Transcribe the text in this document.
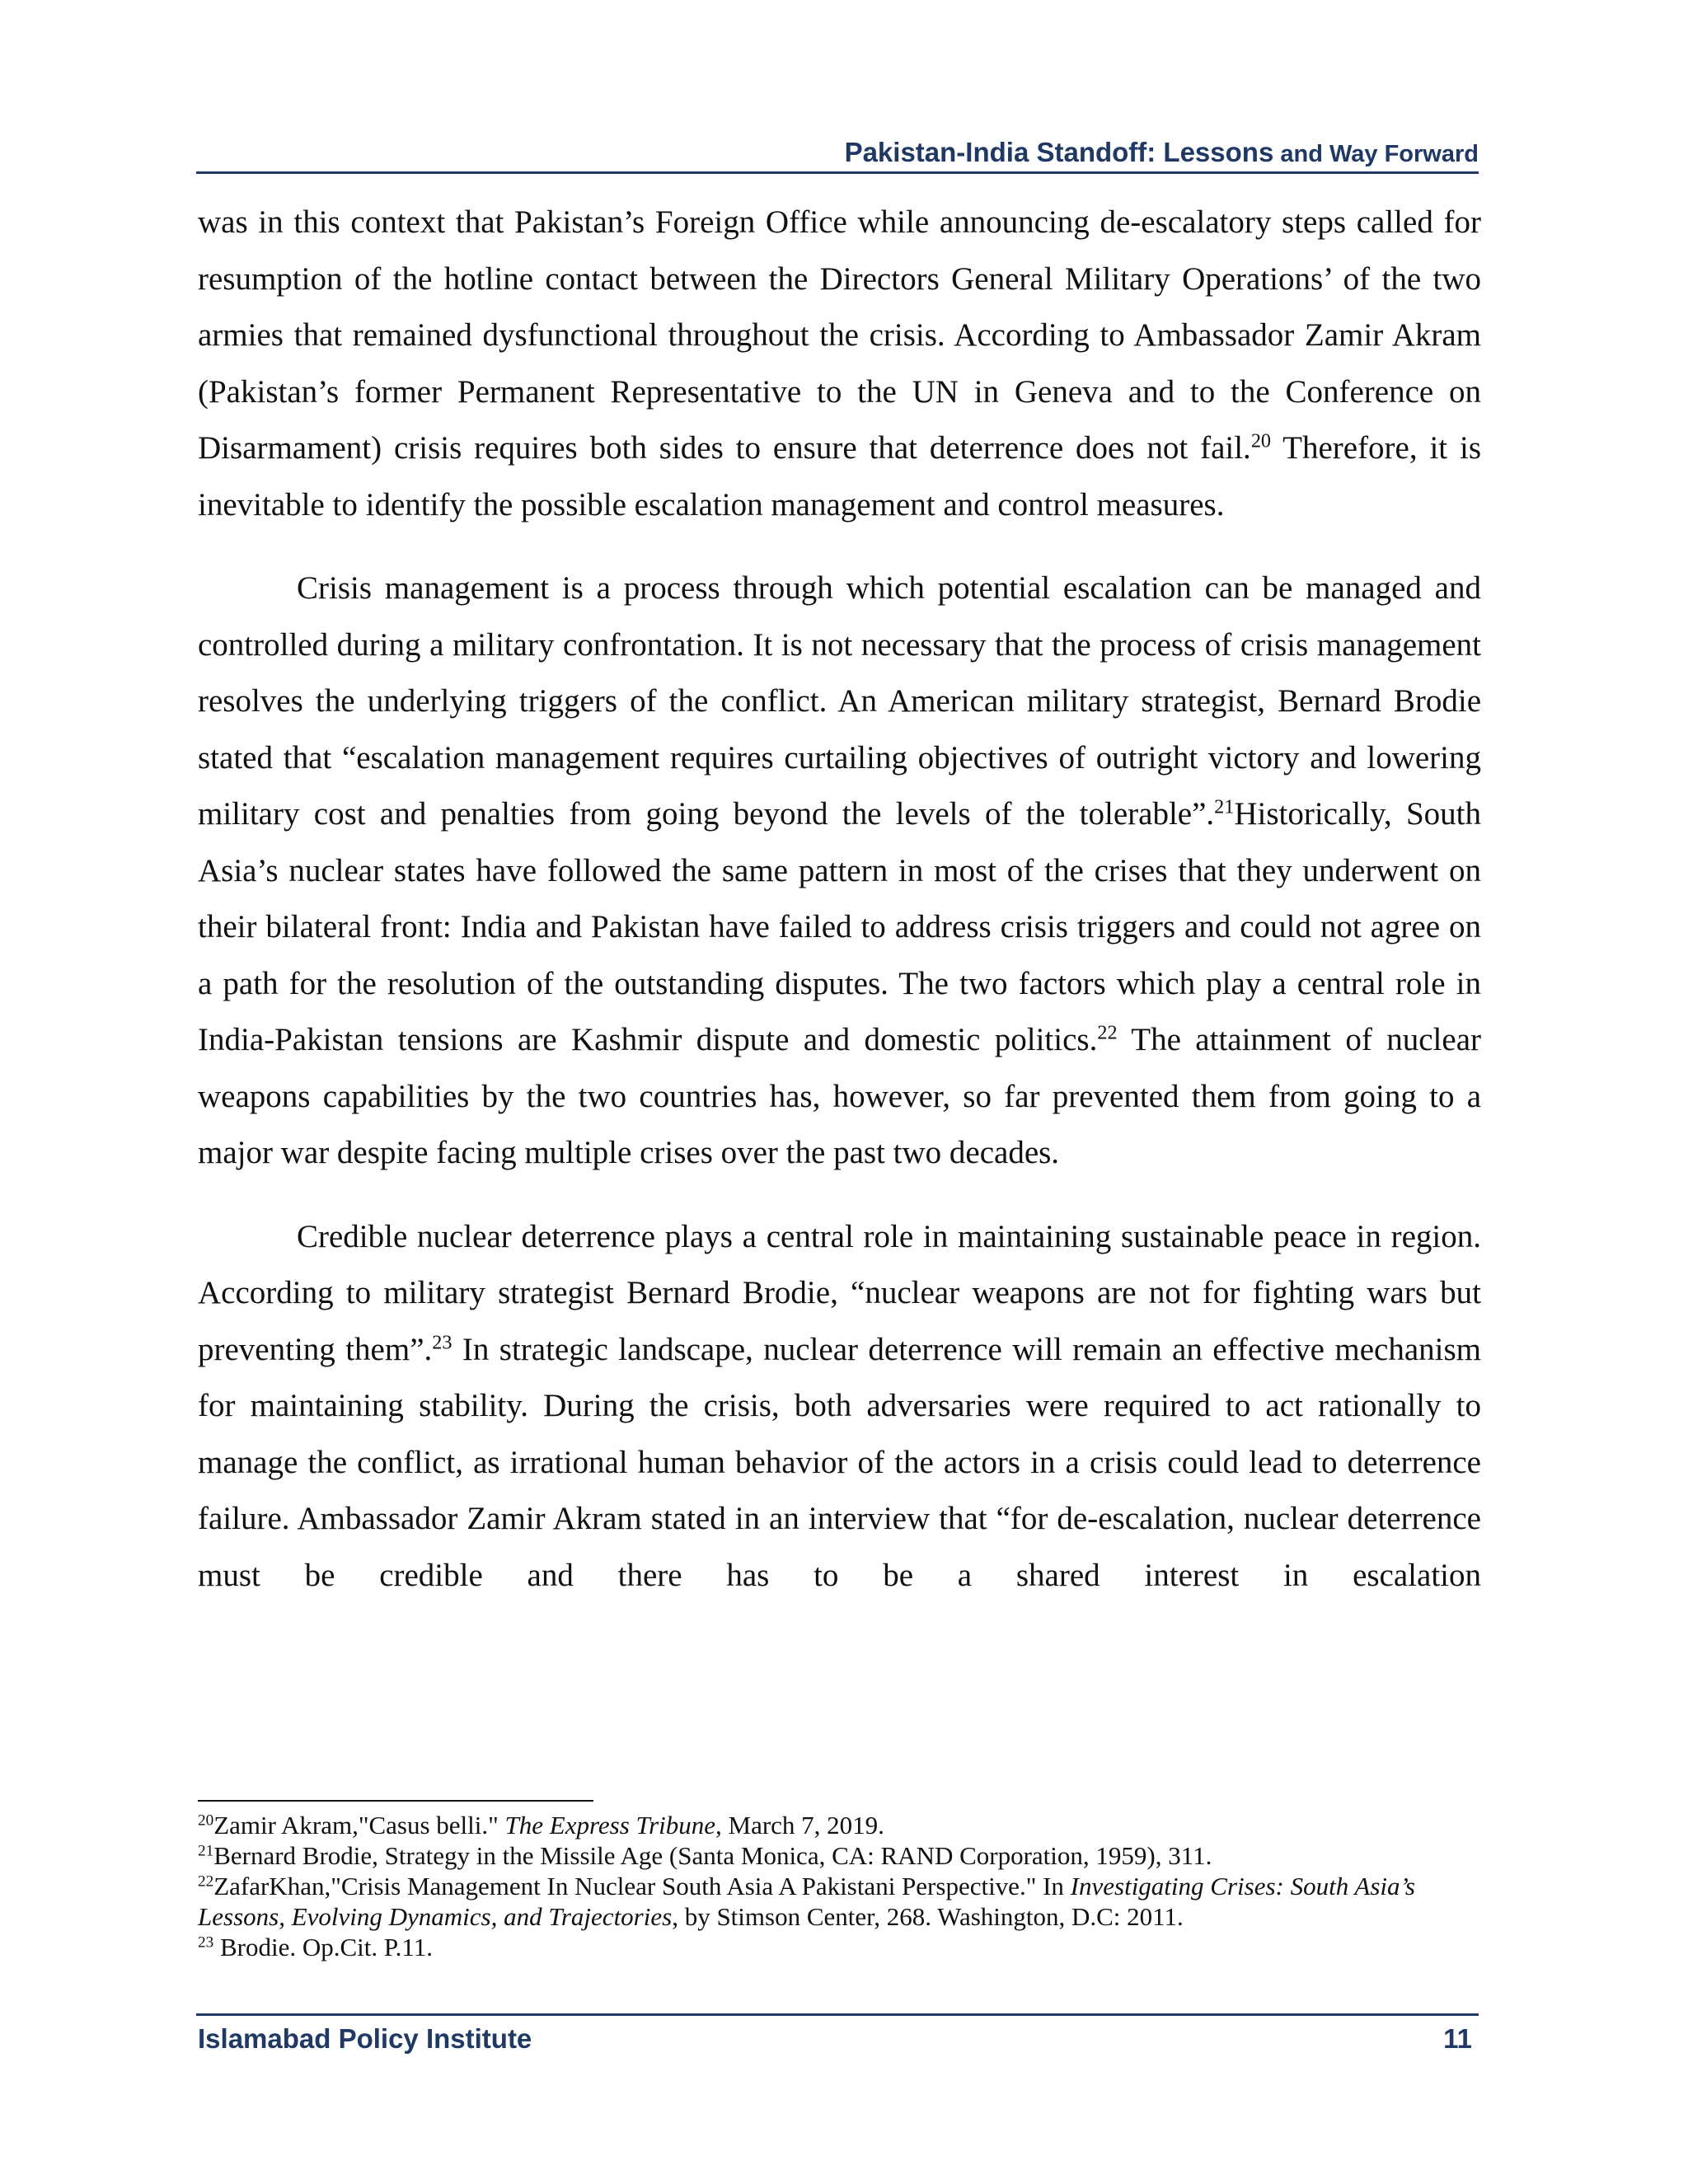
Pakistan-India Standoff: Lessons and Way Forward

was in this context that Pakistan’s Foreign Office while announcing de-escalatory steps called for resumption of the hotline contact between the Directors General Military Operations’ of the two armies that remained dysfunctional throughout the crisis. According to Ambassador Zamir Akram (Pakistan’s former Permanent Representative to the UN in Geneva and to the Conference on Disarmament) crisis requires both sides to ensure that deterrence does not fail.$^{20}$ Therefore, it is inevitable to identify the possible escalation management and control measures.

Crisis management is a process through which potential escalation can be managed and controlled during a military confrontation. It is not necessary that the process of crisis management resolves the underlying triggers of the conflict. An American military strategist, Bernard Brodie stated that “escalation management requires curtailing objectives of outright victory and lowering military cost and penalties from going beyond the levels of the tolerable”.$^{21}$Historically, South Asia’s nuclear states have followed the same pattern in most of the crises that they underwent on their bilateral front: India and Pakistan have failed to address crisis triggers and could not agree on a path for the resolution of the outstanding disputes. The two factors which play a central role in India-Pakistan tensions are Kashmir dispute and domestic politics.$^{22}$ The attainment of nuclear weapons capabilities by the two countries has, however, so far prevented them from going to a major war despite facing multiple crises over the past two decades.

Credible nuclear deterrence plays a central role in maintaining sustainable peace in region. According to military strategist Bernard Brodie, “nuclear weapons are not for fighting wars but preventing them”.$^{23}$ In strategic landscape, nuclear deterrence will remain an effective mechanism for maintaining stability. During the crisis, both adversaries were required to act rationally to manage the conflict, as irrational human behavior of the actors in a crisis could lead to deterrence failure. Ambassador Zamir Akram stated in an interview that “for de-escalation, nuclear deterrence must be credible and there has to be a shared interest in escalation

$^{20}$Zamir Akram,"Casus belli." The Express Tribune, March 7, 2019.
$^{21}$Bernard Brodie, Strategy in the Missile Age (Santa Monica, CA: RAND Corporation, 1959), 311.
$^{22}$ZafarKhan,"Crisis Management In Nuclear South Asia A Pakistani Perspective." In Investigating Crises: South Asia’s Lessons, Evolving Dynamics, and Trajectories, by Stimson Center, 268. Washington, D.C: 2011.
$^{23}$ Brodie. Op.Cit. P.11.
Islamabad Policy Institute	11
